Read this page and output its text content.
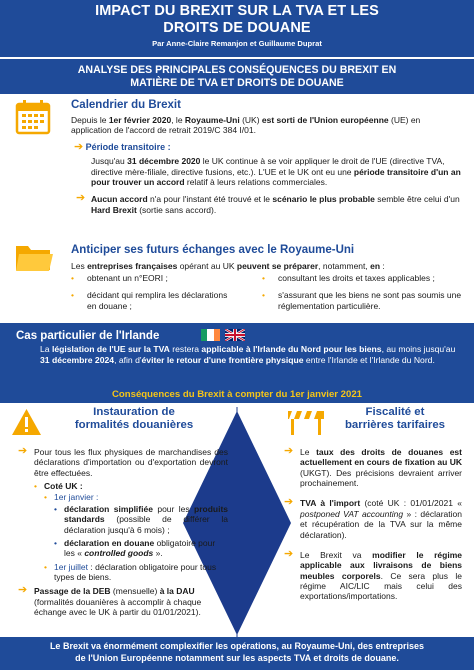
IMPACT DU BREXIT SUR LA TVA ET LES
DROITS DE DOUANE
Par Anne-Claire Remanjon et Guillaume Duprat
ANALYSE DES PRINCIPALES CONSÉQUENCES DU BREXIT EN
MATIÈRE DE TVA ET DROITS DE DOUANE
Calendrier du Brexit
Depuis le 1er février 2020, le Royaume-Uni (UK) est sorti de l'Union européenne (UE) en application de l'accord de retrait 2019/C 384 I/01.
➔ Période transitoire :
Jusqu'au 31 décembre 2020 le UK continue à se voir appliquer le droit de l'UE (directive TVA, directive mère-filiale, directive fusions, etc.). L'UE et le UK ont eu une période transitoire d'un an pour trouver un accord relatif à leurs relations commerciales.
➔ Aucun accord n'a pour l'instant été trouvé et le scénario le plus probable semble être celui d'un Hard Brexit (sortie sans accord).
Anticiper ses futurs échanges avec le Royaume-Uni
Les entreprises françaises opérant au UK peuvent se préparer, notamment, en :
• obtenant un n°EORI ;
• décidant qui remplira les déclarations en douane ;
• consultant les droits et taxes applicables ;
• s'assurant que les biens ne sont pas soumis une réglementation particulière.
Cas particulier de l'Irlande
La législation de l'UE sur la TVA restera applicable à l'Irlande du Nord pour les biens, au moins jusqu'au 31 décembre 2024, afin d'éviter le retour d'une frontière physique entre l'Irlande et l'Irlande du Nord.
Conséquences du Brexit à compter du 1er janvier 2021
Instauration de
formalités douanières
➔ Pour tous les flux physiques de marchandises des déclarations d'importation ou d'exportation devront être effectuées.
• Coté UK :
• 1er janvier :
• déclaration simplifiée pour les produits standards (possible de différer la déclaration jusqu'à 6 mois) ;
• déclaration en douane obligatoire pour les « controlled goods ».
• 1er juillet : déclaration obligatoire pour tous types de biens.
➔ Passage de la DEB (mensuelle) à la DAU (formalités douanières à accomplir à chaque échange avec le UK à partir du 01/01/2021).
Fiscalité et
barrières tarifaires
➔ Le taux des droits de douanes est actuellement en cours de fixation au UK (UKGT). Des précisions devraient arriver prochainement.
➔ TVA à l'import (coté UK : 01/01/2021 « postponed VAT accounting » : déclaration et récupération de la TVA sur la même déclaration).
➔ Le Brexit va modifier le régime applicable aux livraisons de biens meubles corporels. Ce sera plus le régime AIC/LIC mais celui des exportations/importations.
Le Brexit va énormément complexifier les opérations, au Royaume-Uni, des entreprises
de l'Union Européenne notamment sur les aspects TVA et droits de douane.
